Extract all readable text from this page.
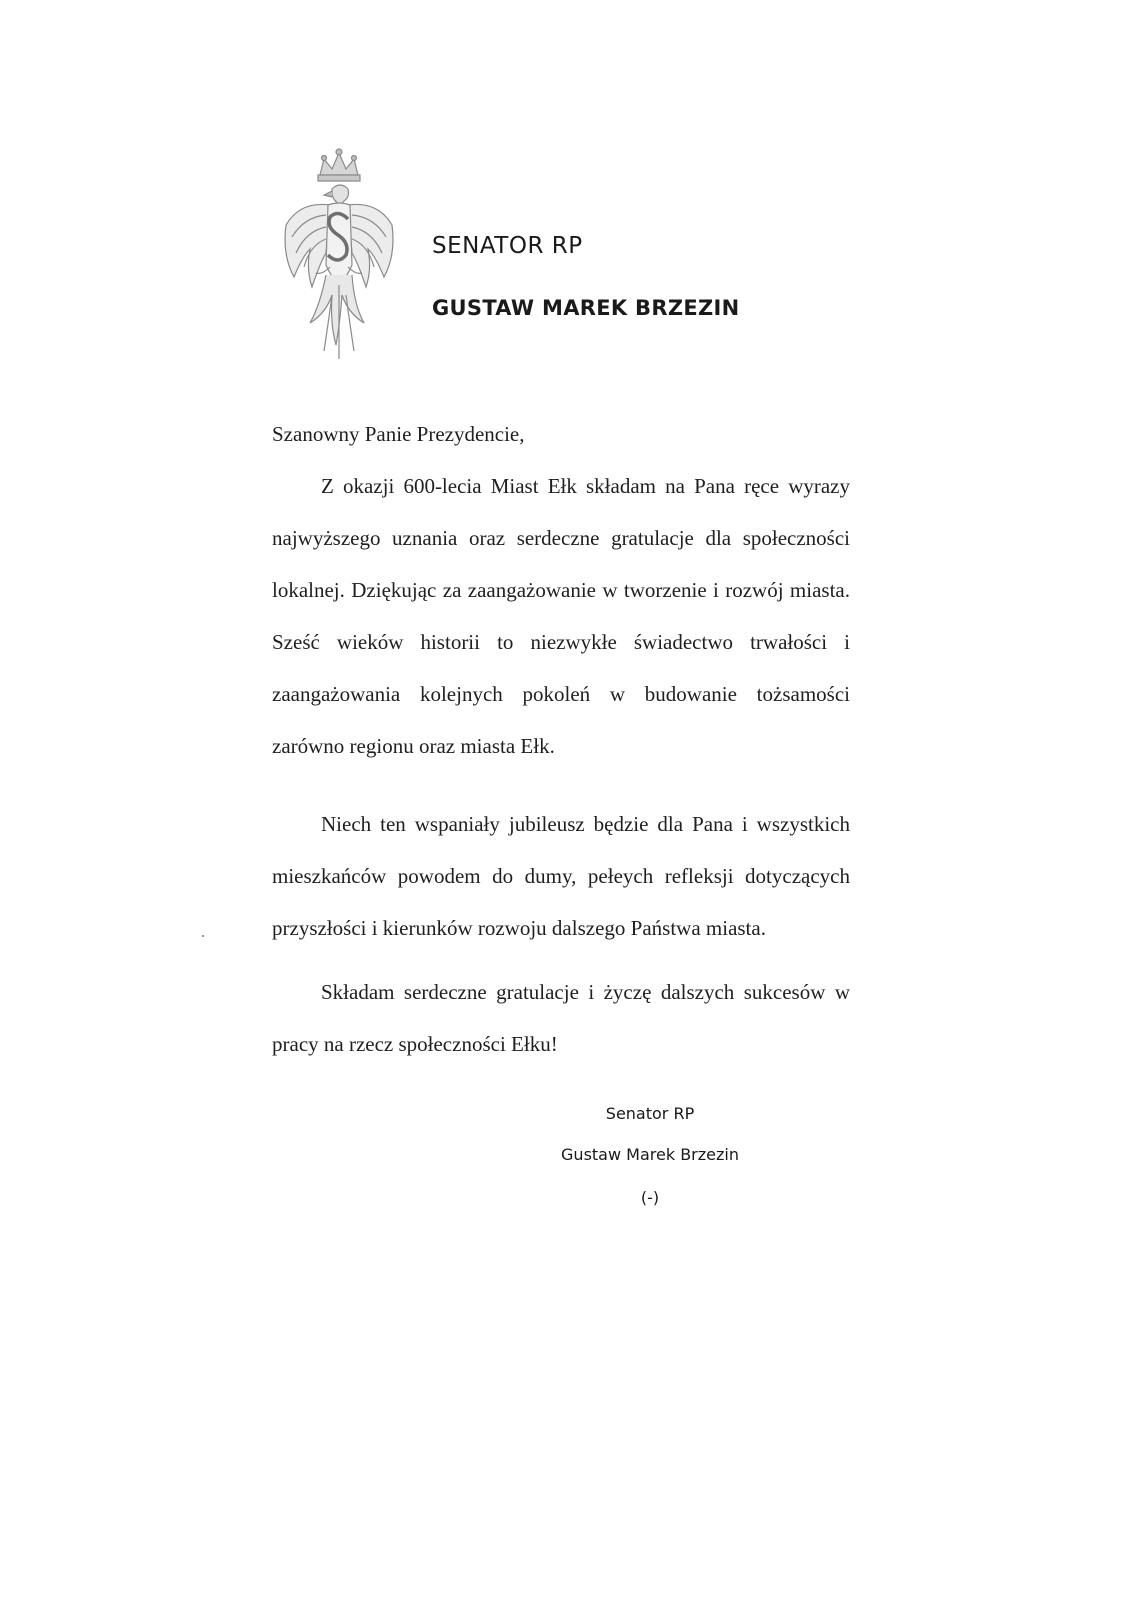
SENATOR RP
GUSTAW MAREK BRZEZIN
Szanowny Panie Prezydencie,
Z okazji 600-lecia Miast Ełk składam na Pana ręce wyrazy najwyższego uznania oraz serdeczne gratulacje dla społeczności lokalnej. Dziękując za zaangażowanie w tworzenie i rozwój miasta. Sześć wieków historii to niezwykłe świadectwo trwałości i zaangażowania kolejnych pokoleń w budowanie tożsamości zarówno regionu oraz miasta Ełk.
Niech ten wspaniały jubileusz będzie dla Pana i wszystkich mieszkańców powodem do dumy, pełeych refleksji dotyczących przyszłości i kierunków rozwoju dalszego Państwa miasta.
Składam serdeczne gratulacje i życzę dalszych sukcesów w pracy na rzecz społeczności Ełku!
Senator RP
Gustaw Marek Brzezin
(-)
